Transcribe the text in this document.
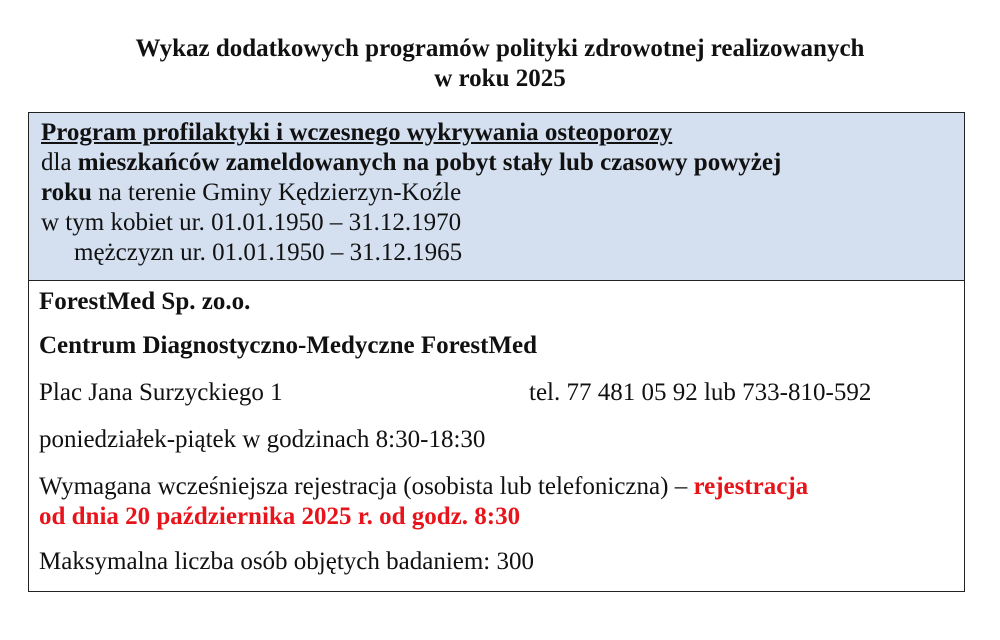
Wykaz dodatkowych programów polityki zdrowotnej realizowanych
w roku 2025
Program profilaktyki i wczesnego wykrywania osteoporozy
dla mieszkańców zameldowanych na pobyt stały lub czasowy powyżej
roku na terenie Gminy Kędzierzyn-Koźle
w tym kobiet ur. 01.01.1950 – 31.12.1970
mężczyzn ur. 01.01.1950 – 31.12.1965
ForestMed Sp. zo.o.
Centrum Diagnostyczno-Medyczne ForestMed
Plac Jana Surzyckiego 1	tel. 77 481 05 92 lub 733-810-592
poniedziałek-piątek w godzinach 8:30-18:30
Wymagana wcześniejsza rejestracja (osobista lub telefoniczna) – rejestracja
od dnia 20 października 2025 r. od godz. 8:30
Maksymalna liczba osób objętych badaniem: 300
